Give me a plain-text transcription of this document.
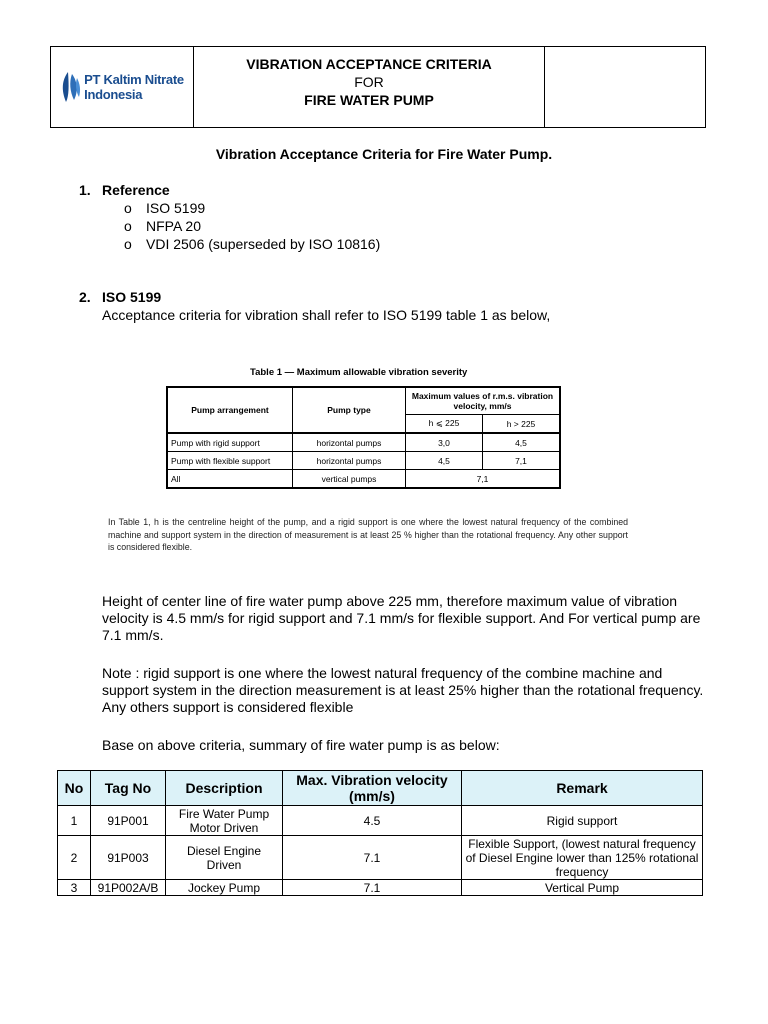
PT Kaltim Nitrate
Indonesia
VIBRATION ACCEPTANCE CRITERIA
FOR
FIRE WATER PUMP
Vibration Acceptance Criteria for Fire Water Pump.
1. Reference
o ISO 5199
o NFPA 20
o VDI 2506 (superseded by ISO 10816)
2. ISO 5199
Acceptance criteria for vibration shall refer to ISO 5199 table 1 as below,
Table 1 — Maximum allowable vibration severity
Pump arrangement	Pump type	Maximum values of r.m.s. vibration velocity, mm/s	
		h ⩽ 225	h > 225
Pump with rigid support	horizontal pumps	3,0	4,5
Pump with flexible support	horizontal pumps	4,5	7,1
All	vertical pumps	7,1	
In Table 1, h is the centreline height of the pump, and a rigid support is one where the lowest natural frequency of the combined machine and support system in the direction of measurement is at least 25 % higher than the rotational frequency. Any other support is considered flexible.
Height of center line of fire water pump above 225 mm, therefore maximum value of vibration velocity is 4.5 mm/s for rigid support and 7.1 mm/s for flexible support. And For vertical pump are 7.1 mm/s.
Note : rigid support is one where the lowest natural frequency of the combine machine and support system in the direction measurement is at least 25% higher than the rotational frequency. Any others support is considered flexible
Base on above criteria, summary of fire water pump is as below:
No	Tag No	Description	Max. Vibration velocity (mm/s)	Remark
1	91P001	Fire Water Pump Motor Driven	4.5	Rigid support
2	91P003	Diesel Engine Driven	7.1	Flexible Support, (lowest natural frequency of Diesel Engine lower than 125% rotational frequency
3	91P002A/B	Jockey Pump	7.1	Vertical Pump
